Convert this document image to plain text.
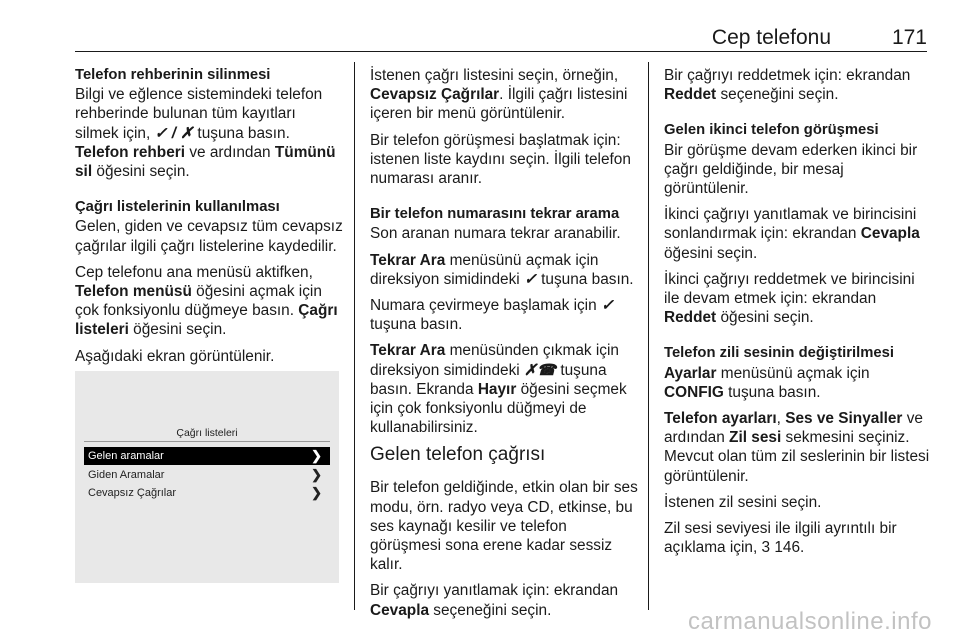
Cep telefonu	171
Telefon rehberinin silinmesi

Bilgi ve eğlence sistemindeki telefon rehberinde bulunan tüm kayıtları silmek için, ✓ / ✗ tuşuna basın.
Telefon rehberi ve ardından Tümünü sil öğesini seçin.

Çağrı listelerinin kullanılması

Gelen, giden ve cevapsız tüm cevapsız çağrılar ilgili çağrı listelerine kaydedilir.

Cep telefonu ana menüsü aktifken, Telefon menüsü öğesini açmak için çok fonksiyonlu düğmeye basın. Çağrı listeleri öğesini seçin.

Aşağıdaki ekran görüntülenir.

Çağrı listeleri
Gelen aramalar	❯
Giden Aramalar	❯
Cevapsız Çağrılar	❯

İstenen çağrı listesini seçin, örneğin, Cevapsız Çağrılar. İlgili çağrı listesini içeren bir menü görüntülenir.

Bir telefon görüşmesi başlatmak için: istenen liste kaydını seçin. İlgili telefon numarası aranır.

Bir telefon numarasını tekrar arama

Son aranan numara tekrar aranabilir.

Tekrar Ara menüsünü açmak için direksiyon simidindeki ✓ tuşuna basın.

Numara çevirmeye başlamak için ✓ tuşuna basın.

Tekrar Ara menüsünden çıkmak için direksiyon simidindeki ✗☎ tuşuna basın. Ekranda Hayır öğesini seçmek için çok fonksiyonlu düğmeyi de kullanabilirsiniz.

Gelen telefon çağrısı

Bir telefon geldiğinde, etkin olan bir ses modu, örn. radyo veya CD, etkinse, bu ses kaynağı kesilir ve telefon görüşmesi sona erene kadar sessiz kalır.

Bir çağrıyı yanıtlamak için: ekrandan Cevapla seçeneğini seçin.

Bir çağrıyı reddetmek için: ekrandan Reddet seçeneğini seçin.

Gelen ikinci telefon görüşmesi

Bir görüşme devam ederken ikinci bir çağrı geldiğinde, bir mesaj görüntülenir.

İkinci çağrıyı yanıtlamak ve birincisini sonlandırmak için: ekrandan Cevapla öğesini seçin.

İkinci çağrıyı reddetmek ve birincisini ile devam etmek için: ekrandan Reddet öğesini seçin.

Telefon zili sesinin değiştirilmesi

Ayarlar menüsünü açmak için CONFIG tuşuna basın.

Telefon ayarları, Ses ve Sinyaller ve ardından Zil sesi sekmesini seçiniz. Mevcut olan tüm zil seslerinin bir listesi görüntülenir.

İstenen zil sesini seçin.

Zil sesi seviyesi ile ilgili ayrıntılı bir açıklama için, 3 146.

carmanualsonline.info
